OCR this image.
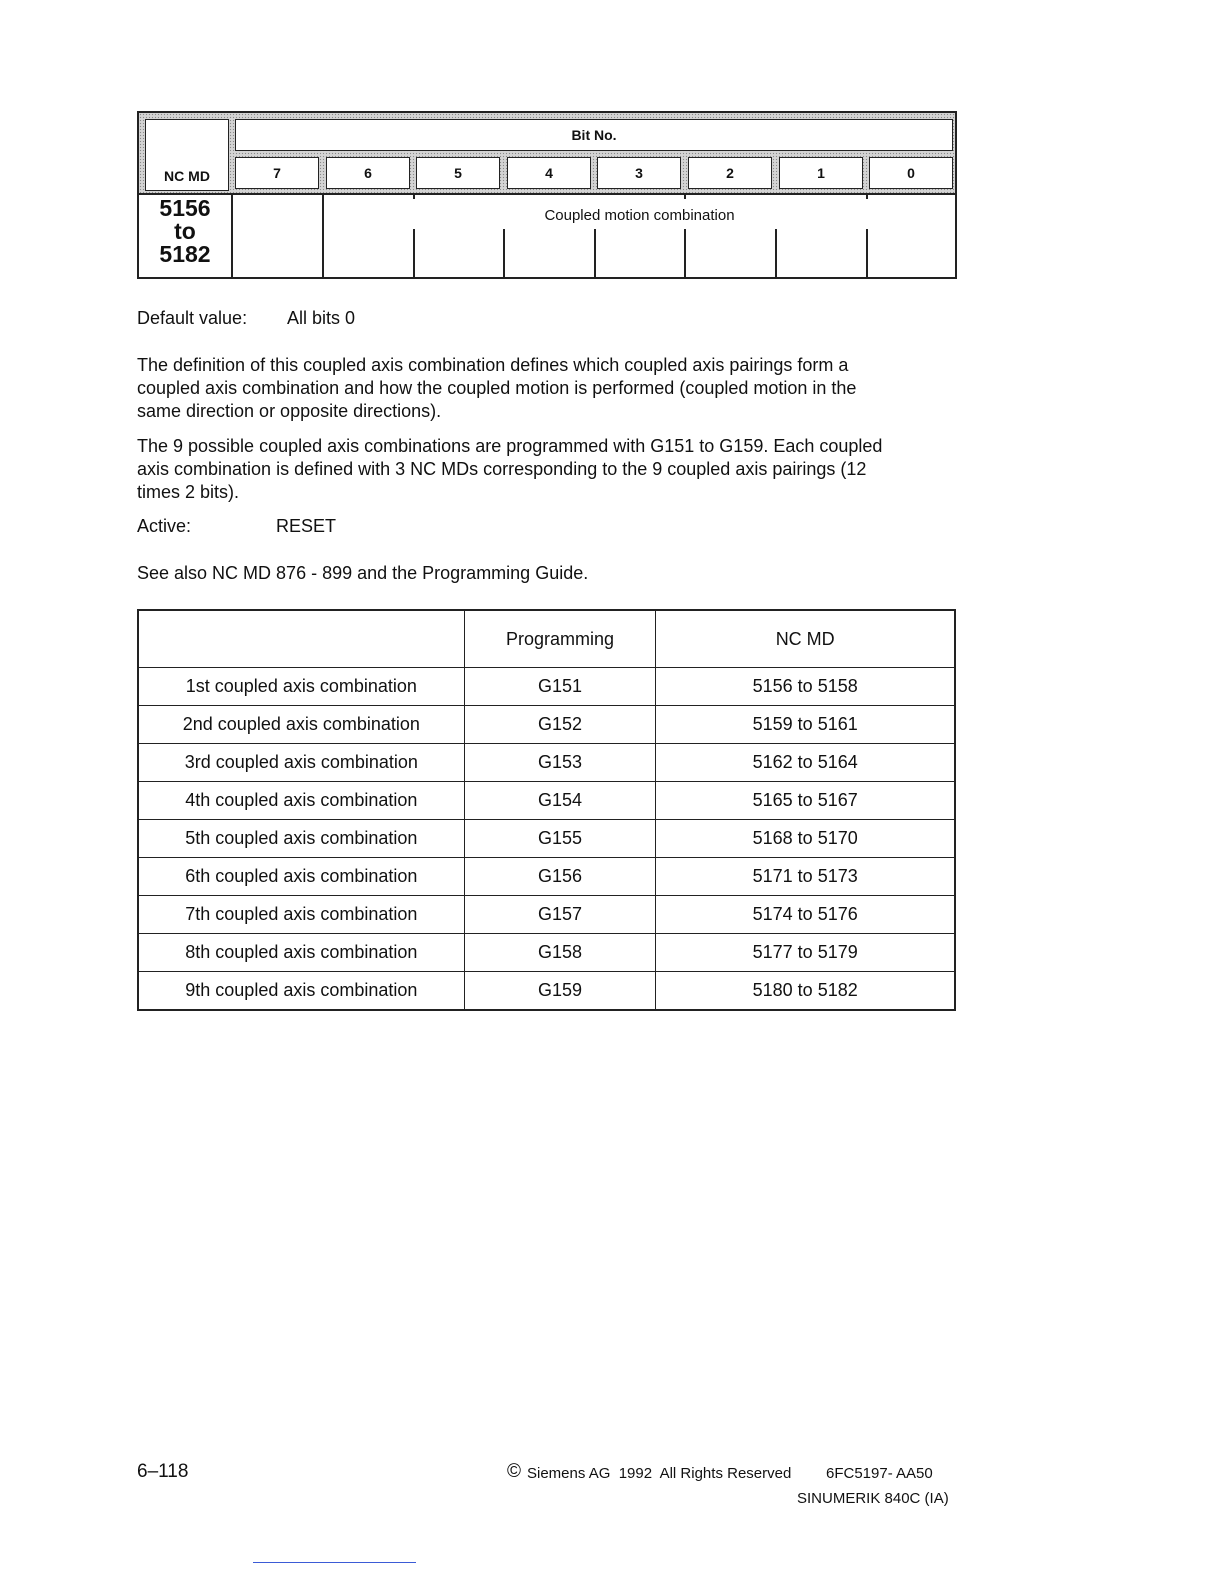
NC MD
Bit No.
7	6	5	4	3	2	1	0
5156
to
5182
Coupled motion combination
Default value: All bits 0
The definition of this coupled axis combination defines which coupled axis pairings form a
coupled axis combination and how the coupled motion is performed (coupled motion in the
same direction or opposite directions).
The 9 possible coupled axis combinations are programmed with G151 to G159. Each coupled
axis combination is defined with 3 NC MDs corresponding to the 9 coupled axis pairings (12
times 2 bits).
Active:	RESET
See also NC MD 876 - 899 and the Programming Guide.
	Programming	NC MD
1st coupled axis combination	G151	5156 to 5158
2nd coupled axis combination	G152	5159 to 5161
3rd coupled axis combination	G153	5162 to 5164
4th coupled axis combination	G154	5165 to 5167
5th coupled axis combination	G155	5168 to 5170
6th coupled axis combination	G156	5171 to 5173
7th coupled axis combination	G157	5174 to 5176
8th coupled axis combination	G158	5177 to 5179
9th coupled axis combination	G159	5180 to 5182
6–118	© Siemens AG  1992  All Rights Reserved 6FC5197- AA50
SINUMERIK 840C (IA)
